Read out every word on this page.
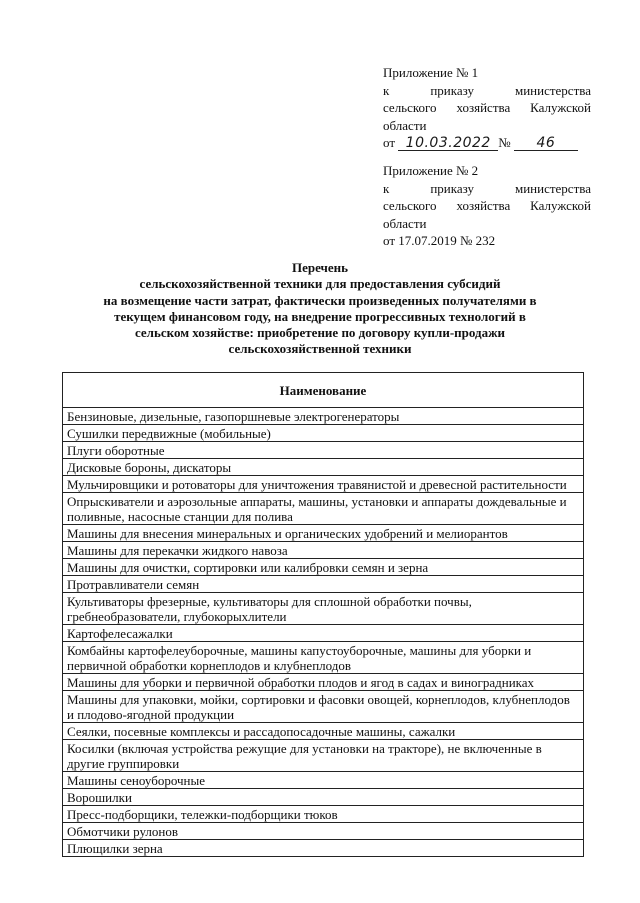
Приложение № 1
к приказу министерства
сельского хозяйства Калужской
области
от 10.03.2022 № 46
Приложение № 2
к приказу министерства
сельского хозяйства Калужской
области
от 17.07.2019 № 232
Перечень
сельскохозяйственной техники для предоставления субсидий
на возмещение части затрат, фактически произведенных получателями в
текущем финансовом году, на внедрение прогрессивных технологий в
сельском хозяйстве: приобретение по договору купли-продажи
сельскохозяйственной техники
Наименование
Бензиновые, дизельные, газопоршневые электрогенераторы
Сушилки передвижные (мобильные)
Плуги оборотные
Дисковые бороны, дискаторы
Мульчировщики и ротоваторы для уничтожения травянистой и древесной растительности
Опрыскиватели и аэрозольные аппараты, машины, установки и аппараты дождевальные и поливные, насосные станции для полива
Машины для внесения минеральных и органических удобрений и мелиорантов
Машины для перекачки жидкого навоза
Машины для очистки, сортировки или калибровки семян и зерна
Протравливатели семян
Культиваторы фрезерные, культиваторы для сплошной обработки почвы, гребнеобразователи, глубокорыхлители
Картофелесажалки
Комбайны картофелеуборочные, машины капустоуборочные, машины для уборки и первичной обработки корнеплодов и клубнеплодов
Машины для уборки и первичной обработки плодов и ягод в садах и виноградниках
Машины для упаковки, мойки, сортировки и фасовки овощей, корнеплодов, клубнеплодов и плодово-ягодной продукции
Сеялки, посевные комплексы и рассадопосадочные машины, сажалки
Косилки (включая устройства режущие для установки на тракторе), не включенные в другие группировки
Машины сеноуборочные
Ворошилки
Пресс-подборщики, тележки-подборщики тюков
Обмотчики рулонов
Плющилки зерна
